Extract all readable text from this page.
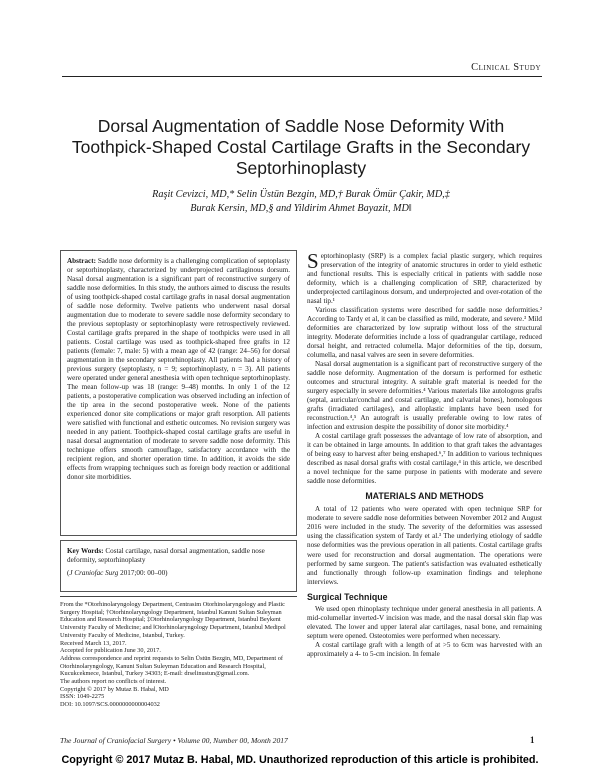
Clinical Study
Dorsal Augmentation of Saddle Nose Deformity With Toothpick-Shaped Costal Cartilage Grafts in the Secondary Septorhinoplasty
Raşit Cevizci, MD,* Selin Üstün Bezgin, MD,† Burak Ömür Çakir, MD,‡
Burak Kersin, MD,§ and Yildirim Ahmet Bayazit, MD‖
Abstract: Saddle nose deformity is a challenging complication of septoplasty or septorhinoplasty, characterized by underprojected cartilaginous dorsum. Nasal dorsal augmentation is a significant part of reconstructive surgery of saddle nose deformities. In this study, the authors aimed to discuss the results of using toothpick-shaped costal cartilage grafts in nasal dorsal augmentation of saddle nose deformity. Twelve patients who underwent nasal dorsal augmentation due to moderate to severe saddle nose deformity secondary to the previous septoplasty or septorhinoplasty were retrospectively reviewed. Costal cartilage grafts prepared in the shape of toothpicks were used in all patients. Costal cartilage was used as toothpick-shaped free grafts in 12 patients (female: 7, male: 5) with a mean age of 42 (range: 24–56) for dorsal augmentation in the secondary septorhinoplasty. All patients had a history of previous surgery (septoplasty, n = 9; septorhinoplasty, n = 3). All patients were operated under general anesthesia with open technique septorhinoplasty. The mean follow-up was 18 (range: 9–48) months. In only 1 of the 12 patients, a postoperative complication was observed including an infection of the tip area in the second postoperative week. None of the patients experienced donor site complications or major graft resorption. All patients were satisfied with functional and esthetic outcomes. No revision surgery was needed in any patient. Toothpick-shaped costal cartilage grafts are useful in nasal dorsal augmentation of moderate to severe saddle nose deformity. This technique offers smooth camouflage, satisfactory accordance with the recipient region, and shorter operation time. In addition, it avoids the side effects from wrapping techniques such as foreign body reaction or additional donor site morbidities.
Key Words: Costal cartilage, nasal dorsal augmentation, saddle nose deformity, septorhinoplasty
(J Craniofac Surg 2017;00: 00–00)
From the *Otorhinolaryngology Department, Centrasim Otorhinolaryngology and Plastic Surgery Hospital; †Otorhinolaryngology Department, Istanbul Kanuni Sultan Suleyman Education and Research Hospital; ‡Otorhinolaryngology Department, Istanbul Beykent University Faculty of Medicine; and ‖Otorhinolaryngology Department, Istanbul Medipol University Faculty of Medicine, Istanbul, Turkey.
Received March 13, 2017.
Accepted for publication June 30, 2017.
Address correspondence and reprint requests to Selin Üstün Bezgin, MD, Department of Otorhinolaryngology, Kanuni Sultan Suleyman Education and Research Hospital, Kucukcekmece, Istanbul, Turkey 34303; E-mail: drselinustun@gmail.com.
The authors report no conflicts of interest.
Copyright © 2017 by Mutaz B. Habal, MD
ISSN: 1049-2275
DOI: 10.1097/SCS.0000000000004032

Septorhinoplasty (SRP) is a complex facial plastic surgery, which requires preservation of the integrity of anatomic structures in order to yield esthetic and functional results. This is especially critical in patients with saddle nose deformity, which is a challenging complication of SRP, characterized by underprojected cartilaginous dorsum, and underprojected and over-rotation of the nasal tip.¹

Various classification systems were described for saddle nose deformities.² According to Tardy et al, it can be classified as mild, moderate, and severe.³ Mild deformities are characterized by low supratip without loss of the structural integrity. Moderate deformities include a loss of quadrangular cartilage, reduced dorsal height, and retracted columella. Major deformities of the tip, dorsum, columella, and nasal valves are seen in severe deformities.

Nasal dorsal augmentation is a significant part of reconstructive surgery of the saddle nose deformity. Augmentation of the dorsum is performed for esthetic outcomes and structural integrity. A suitable graft material is needed for the surgery especially in severe deformities.⁴ Various materials like autologous grafts (septal, auricular/conchal and costal cartilage, and calvarial bones), homologous grafts (irradiated cartilages), and alloplastic implants have been used for reconstruction.⁴,⁵ An autograft is usually preferable owing to low rates of infection and extrusion despite the possibility of donor site morbidity.⁴

A costal cartilage graft possesses the advantage of low rate of absorption, and it can be obtained in large amounts. In addition to that graft takes the advantages of being easy to harvest after being enshaped.⁶,⁷ In addition to various techniques described as nasal dorsal grafts with costal cartilage,⁴ in this article, we described a novel technique for the same purpose in patients with moderate and severe saddle nose deformities.

MATERIALS AND METHODS

A total of 12 patients who were operated with open technique SRP for moderate to severe saddle nose deformities between November 2012 and August 2016 were included in the study. The severity of the deformities was assessed using the classification system of Tardy et al.³ The underlying etiology of saddle nose deformities was the previous operation in all patients. Costal cartilage grafts were used for reconstruction and dorsal augmentation. The operations were performed by same surgeon. The patient's satisfaction was evaluated esthetically and functionally through follow-up examination findings and telephone interviews.

Surgical Technique

We used open rhinoplasty technique under general anesthesia in all patients. A mid-columellar inverted-V incision was made, and the nasal dorsal skin flap was elevated. The lower and upper lateral alar cartilages, nasal bone, and remaining septum were opened. Osteotomies were performed when necessary.

A costal cartilage graft with a length of at >5 to 6cm was harvested with an approximately a 4- to 5-cm incision. In female

The Journal of Craniofacial Surgery • Volume 00, Number 00, Month 2017	1
Copyright © 2017 Mutaz B. Habal, MD. Unauthorized reproduction of this article is prohibited.
